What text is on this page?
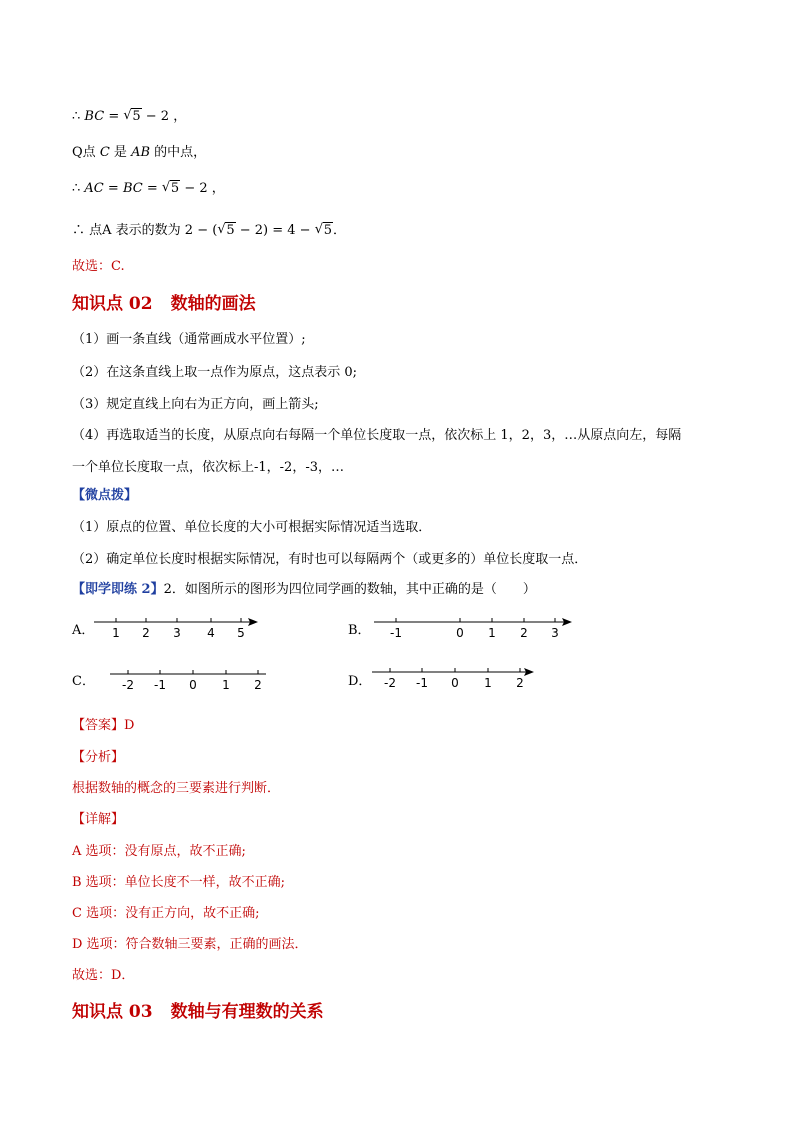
∴ BC = √ 5 − 2 ，
Q点 C 是 AB 的中点，
∴ AC = BC = √ 5 − 2 ，
∴ 点A 表示的数为 2 − ( √ 5 − 2) = 4 − √ 5．
故选：C.
知识点 02 数轴的画法
（1）画一条直线（通常画成水平位置）;
（2）在这条直线上取一点作为原点，这点表示 0;
（3）规定直线上向右为正方向，画上箭头;
（4）再选取适当的长度，从原点向右每隔一个单位长度取一点，依次标上 1，2，3，…从原点向左，每隔
一个单位长度取一点，依次标上-1，-2，-3，…
【微点拨】
（1）原点的位置、单位长度的大小可根据实际情况适当选取．
（2）确定单位长度时根据实际情况，有时也可以每隔两个（或更多的）单位长度取一点．
【即学即练 2】2．如图所示的图形为四位同学画的数轴，其中正确的是（　　）
A． 1 2 3 4 5	B． -1	0 1 2 3
C． -2 -1 0 1 2	D． -2 -1 0 1 2
【答案】D
【分析】
根据数轴的概念的三要素进行判断．
【详解】
A 选项：没有原点，故不正确;
B 选项：单位长度不一样，故不正确;
C 选项：没有正方向，故不正确;
D 选项：符合数轴三要素，正确的画法．
故选：D．
知识点 03 数轴与有理数的关系
